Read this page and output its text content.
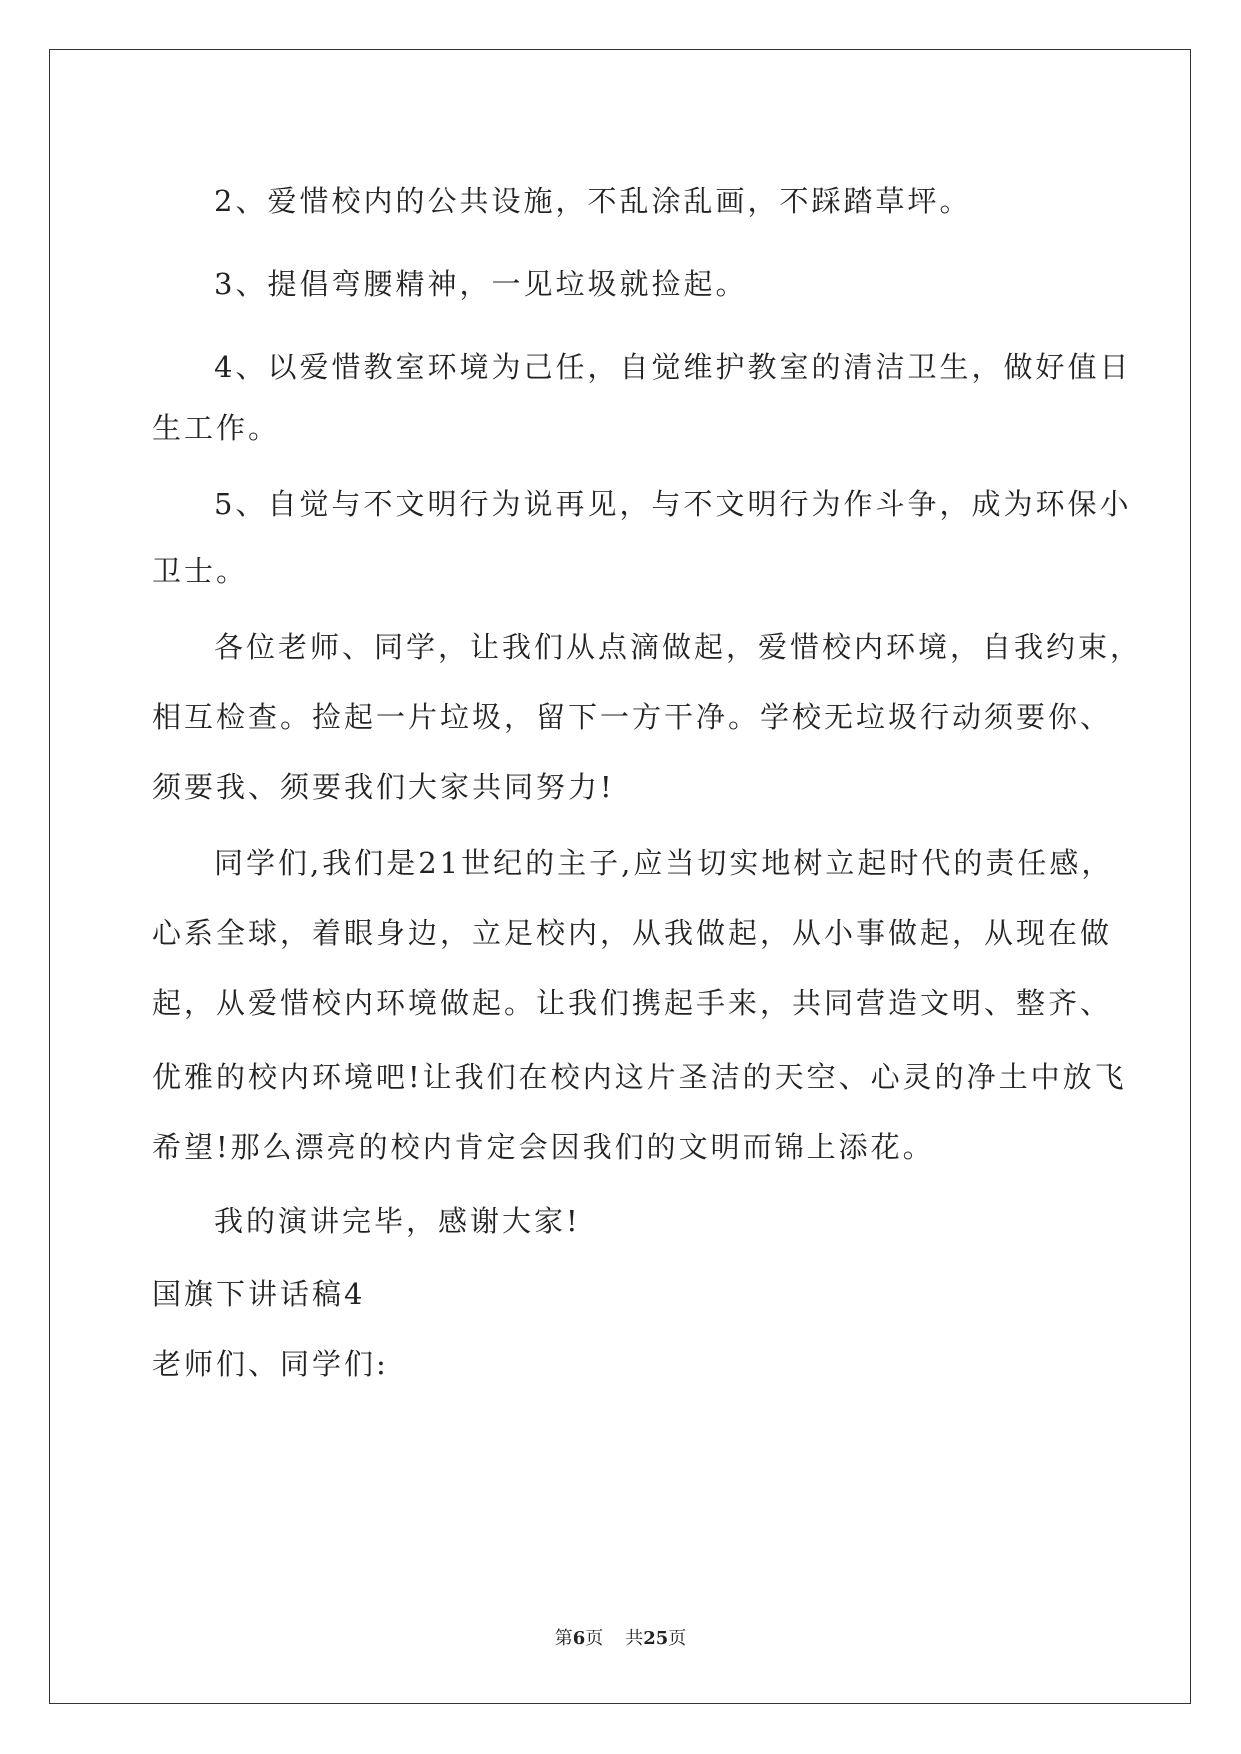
2、爱惜校内的公共设施，不乱涂乱画，不踩踏草坪。

3、提倡弯腰精神，一见垃圾就捡起。

4、以爱惜教室环境为己任，自觉维护教室的清洁卫生，做好值日

生工作。

5、自觉与不文明行为说再见，与不文明行为作斗争，成为环保小

卫士。

各位老师、同学，让我们从点滴做起，爱惜校内环境，自我约束，

相互检查。捡起一片垃圾，留下一方干净。学校无垃圾行动须要你、

须要我、须要我们大家共同努力!

同学们,我们是21世纪的主子,应当切实地树立起时代的责任感，

心系全球，着眼身边，立足校内，从我做起，从小事做起，从现在做

起，从爱惜校内环境做起。让我们携起手来，共同营造文明、整齐、

优雅的校内环境吧!让我们在校内这片圣洁的天空、心灵的净土中放飞

希望!那么漂亮的校内肯定会因我们的文明而锦上添花。

我的演讲完毕，感谢大家!

国旗下讲话稿4

老师们、同学们:

第6页 共25页
